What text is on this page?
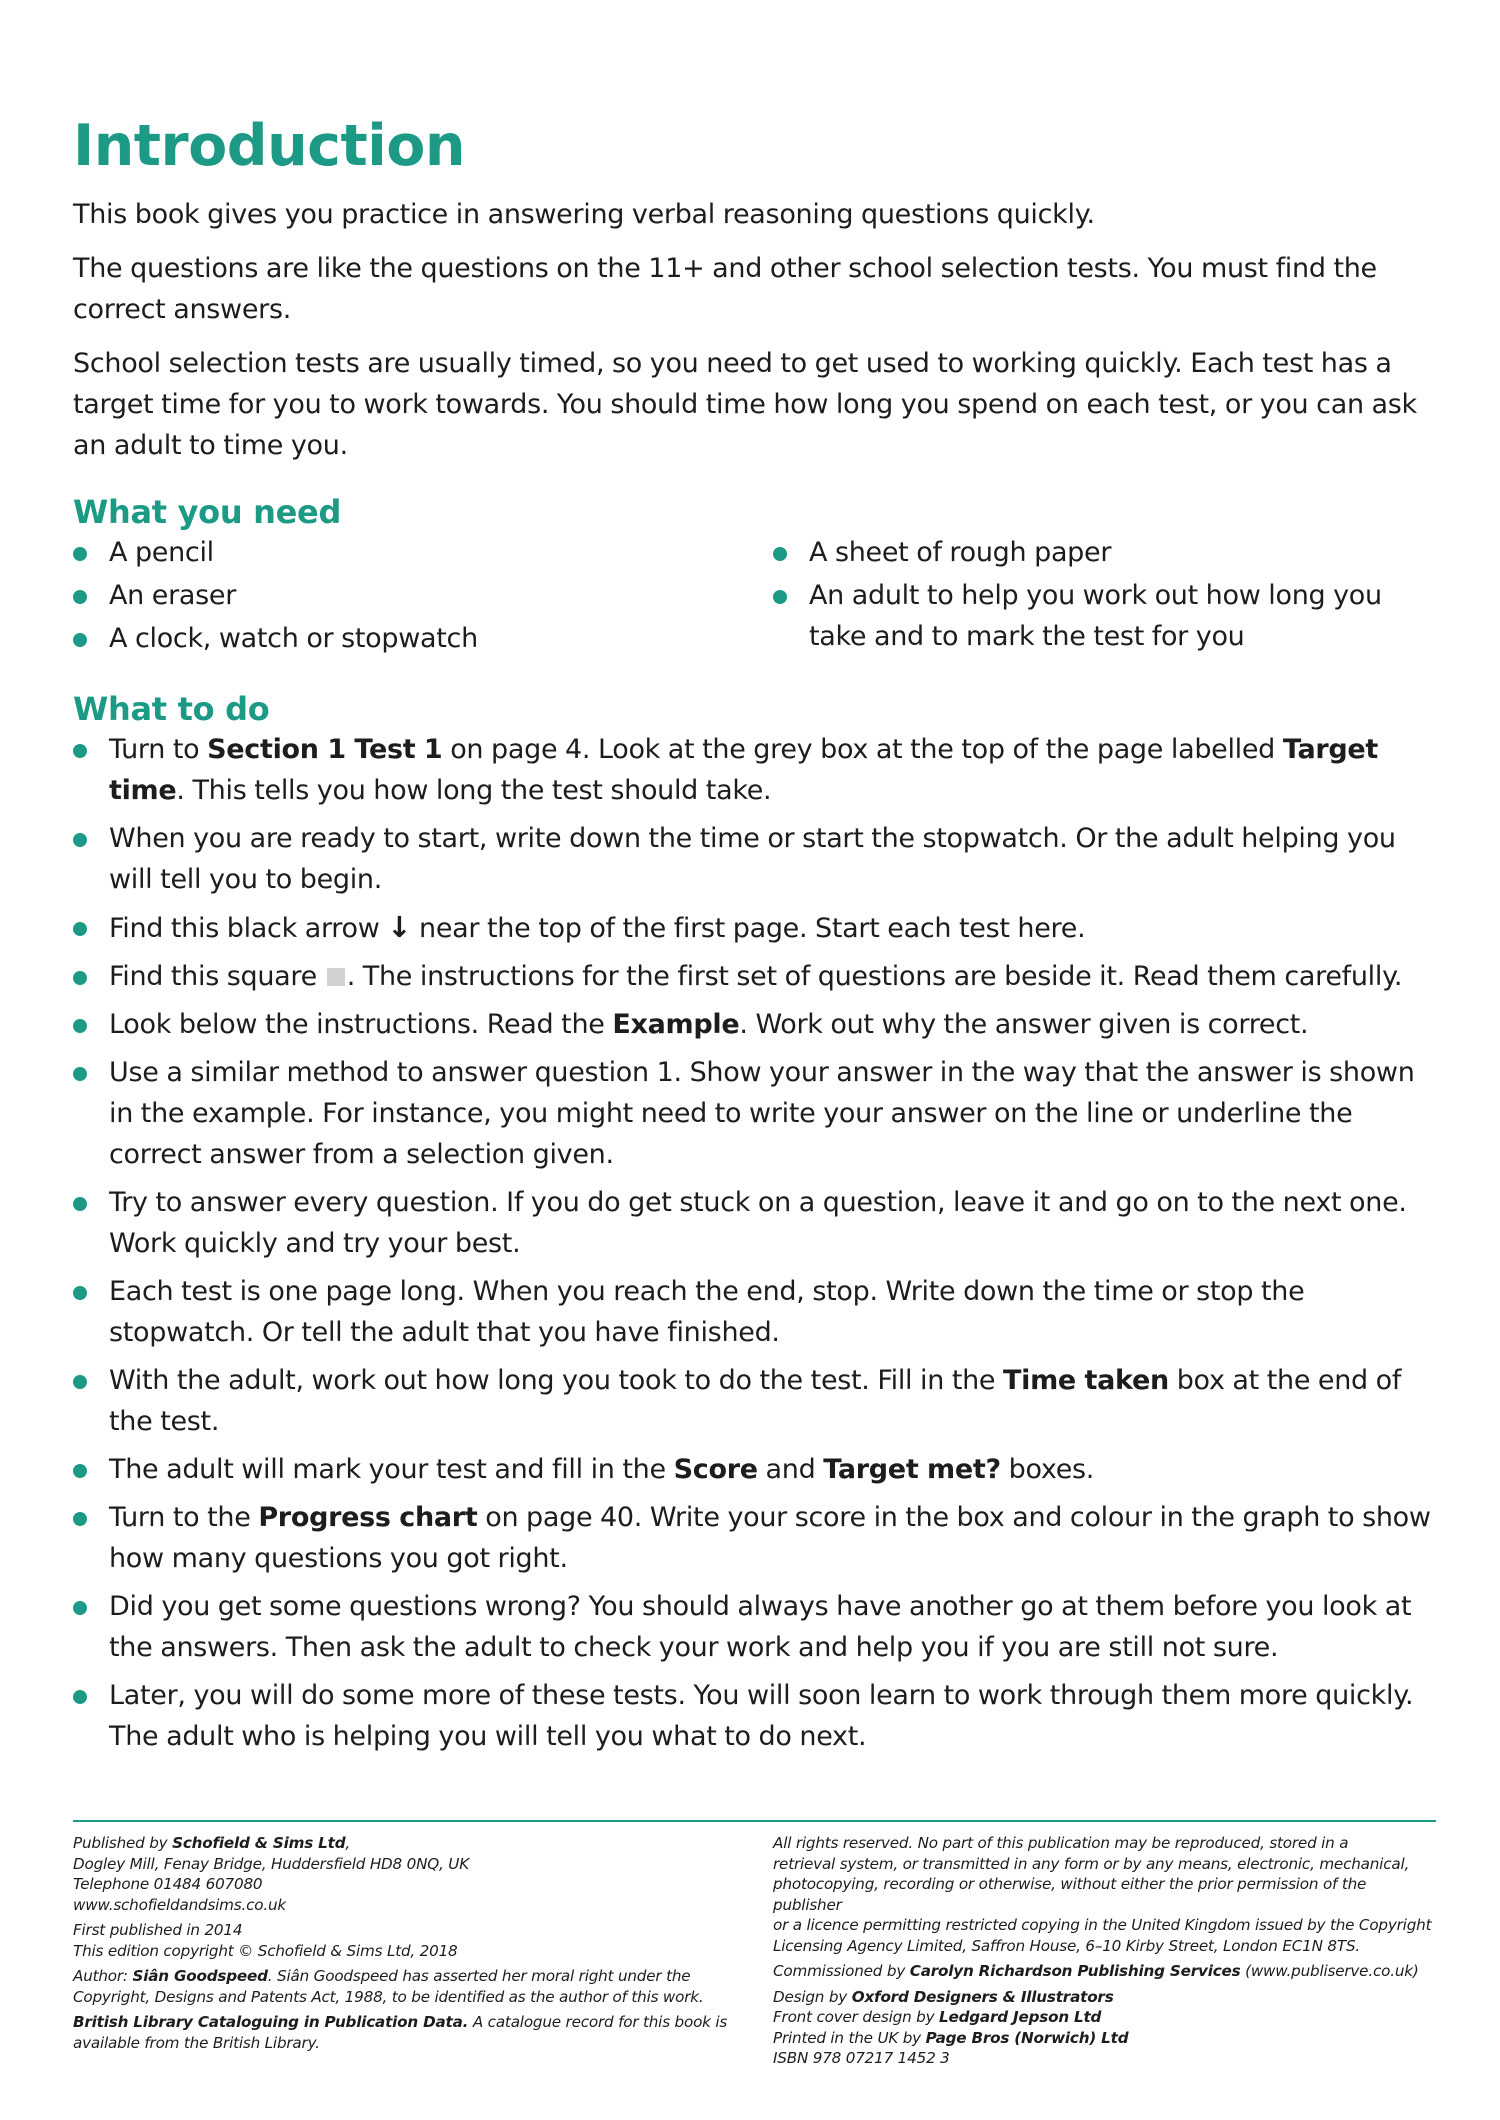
Introduction

This book gives you practice in answering verbal reasoning questions quickly.

The questions are like the questions on the 11+ and other school selection tests. You must find the correct answers.

School selection tests are usually timed, so you need to get used to working quickly. Each test has a target time for you to work towards. You should time how long you spend on each test, or you can ask an adult to time you.

What you need
A pencil
An eraser
A clock, watch or stopwatch
A sheet of rough paper
An adult to help you work out how long you take and to mark the test for you
What to do
Turn to Section 1 Test 1 on page 4. Look at the grey box at the top of the page labelled Target time. This tells you how long the test should take.
When you are ready to start, write down the time or start the stopwatch. Or the adult helping you will tell you to begin.
Find this black arrow ↓ near the top of the first page. Start each test here.
Find this square . The instructions for the first set of questions are beside it. Read them carefully.
Look below the instructions. Read the Example. Work out why the answer given is correct.
Use a similar method to answer question 1. Show your answer in the way that the answer is shown in the example. For instance, you might need to write your answer on the line or underline the correct answer from a selection given.
Try to answer every question. If you do get stuck on a question, leave it and go on to the next one. Work quickly and try your best.
Each test is one page long. When you reach the end, stop. Write down the time or stop the stopwatch. Or tell the adult that you have finished.
With the adult, work out how long you took to do the test. Fill in the Time taken box at the end of the test.
The adult will mark your test and fill in the Score and Target met? boxes.
Turn to the Progress chart on page 40. Write your score in the box and colour in the graph to show how many questions you got right.
Did you get some questions wrong? You should always have another go at them before you look at the answers. Then ask the adult to check your work and help you if you are still not sure.
Later, you will do some more of these tests. You will soon learn to work through them more quickly. The adult who is helping you will tell you what to do next.

Published by Schofield & Sims Ltd,
Dogley Mill, Fenay Bridge, Huddersfield HD8 0NQ, UK
Telephone 01484 607080
www.schofieldandsims.co.uk

First published in 2014
This edition copyright © Schofield & Sims Ltd, 2018

Author: Siân Goodspeed. Siân Goodspeed has asserted her moral right under the
Copyright, Designs and Patents Act, 1988, to be identified as the author of this work.

British Library Cataloguing in Publication Data. A catalogue record for this book is
available from the British Library.

All rights reserved. No part of this publication may be reproduced, stored in a
retrieval system, or transmitted in any form or by any means, electronic, mechanical,
photocopying, recording or otherwise, without either the prior permission of the publisher
or a licence permitting restricted copying in the United Kingdom issued by the Copyright
Licensing Agency Limited, Saffron House, 6–10 Kirby Street, London EC1N 8TS.

Commissioned by Carolyn Richardson Publishing Services (www.publiserve.co.uk)

Design by Oxford Designers & Illustrators
Front cover design by Ledgard Jepson Ltd
Printed in the UK by Page Bros (Norwich) Ltd
ISBN 978 07217 1452 3
